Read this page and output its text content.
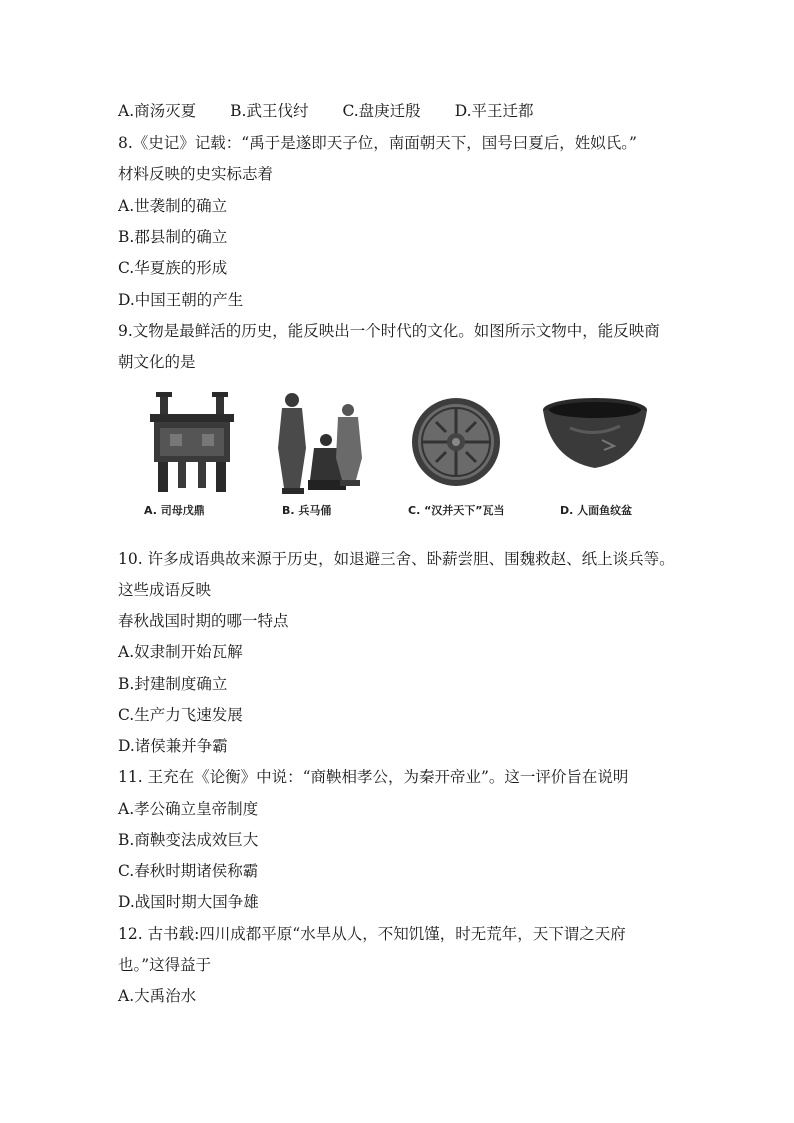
A.商汤灭夏 B.武王伐纣 C.盘庚迁殷 D.平王迁都
8.《史记》记载：“禹于是遂即天子位，南面朝天下，国号曰夏后，姓姒氏。”
材料反映的史实标志着
A.世袭制的确立
B.郡县制的确立
C.华夏族的形成
D.中国王朝的产生
9.文物是最鲜活的历史，能反映出一个时代的文化。如图所示文物中，能反映商
朝文化的是
A. 司母戊鼎	B. 兵马俑	C. “汉并天下”瓦当	D. 人面鱼纹盆
10. 许多成语典故来源于历史，如退避三舍、卧薪尝胆、围魏救赵、纸上谈兵等。
这些成语反映
春秋战国时期的哪一特点
A.奴隶制开始瓦解
B.封建制度确立
C.生产力飞速发展
D.诸侯兼并争霸
11. 王充在《论衡》中说：“商鞅相孝公，为秦开帝业”。这一评价旨在说明
A.孝公确立皇帝制度
B.商鞅变法成效巨大
C.春秋时期诸侯称霸
D.战国时期大国争雄
12. 古书载:四川成都平原“水旱从人，不知饥馑，时无荒年，天下谓之天府
也。”这得益于
A.大禹治水
